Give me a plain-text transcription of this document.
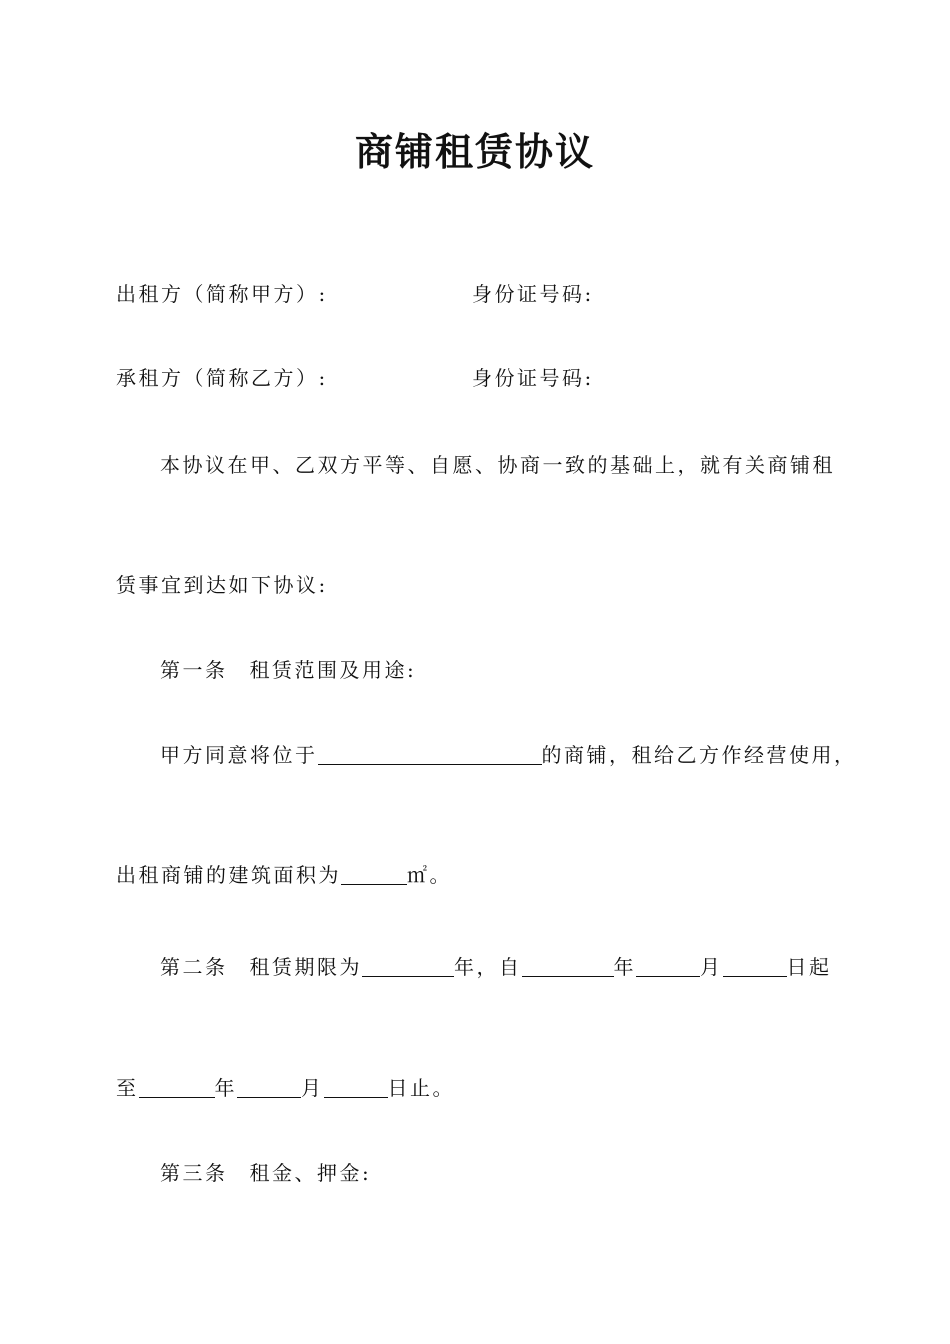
商铺租赁协议
出租方（简称甲方）:	身份证号码:
承租方（简称乙方）:	身份证号码:
本协议在甲、乙双方平等、自愿、协商一致的基础上，就有关商铺租
赁事宜到达如下协议:
第一条 租赁范围及用途:
甲方同意将位于	的商铺，租给乙方作经营使用，
出租商铺的建筑面积为	㎡。
第二条 租赁期限为	年，自	年	月	日起
至	年	月	日止。
第三条 租金、押金:
